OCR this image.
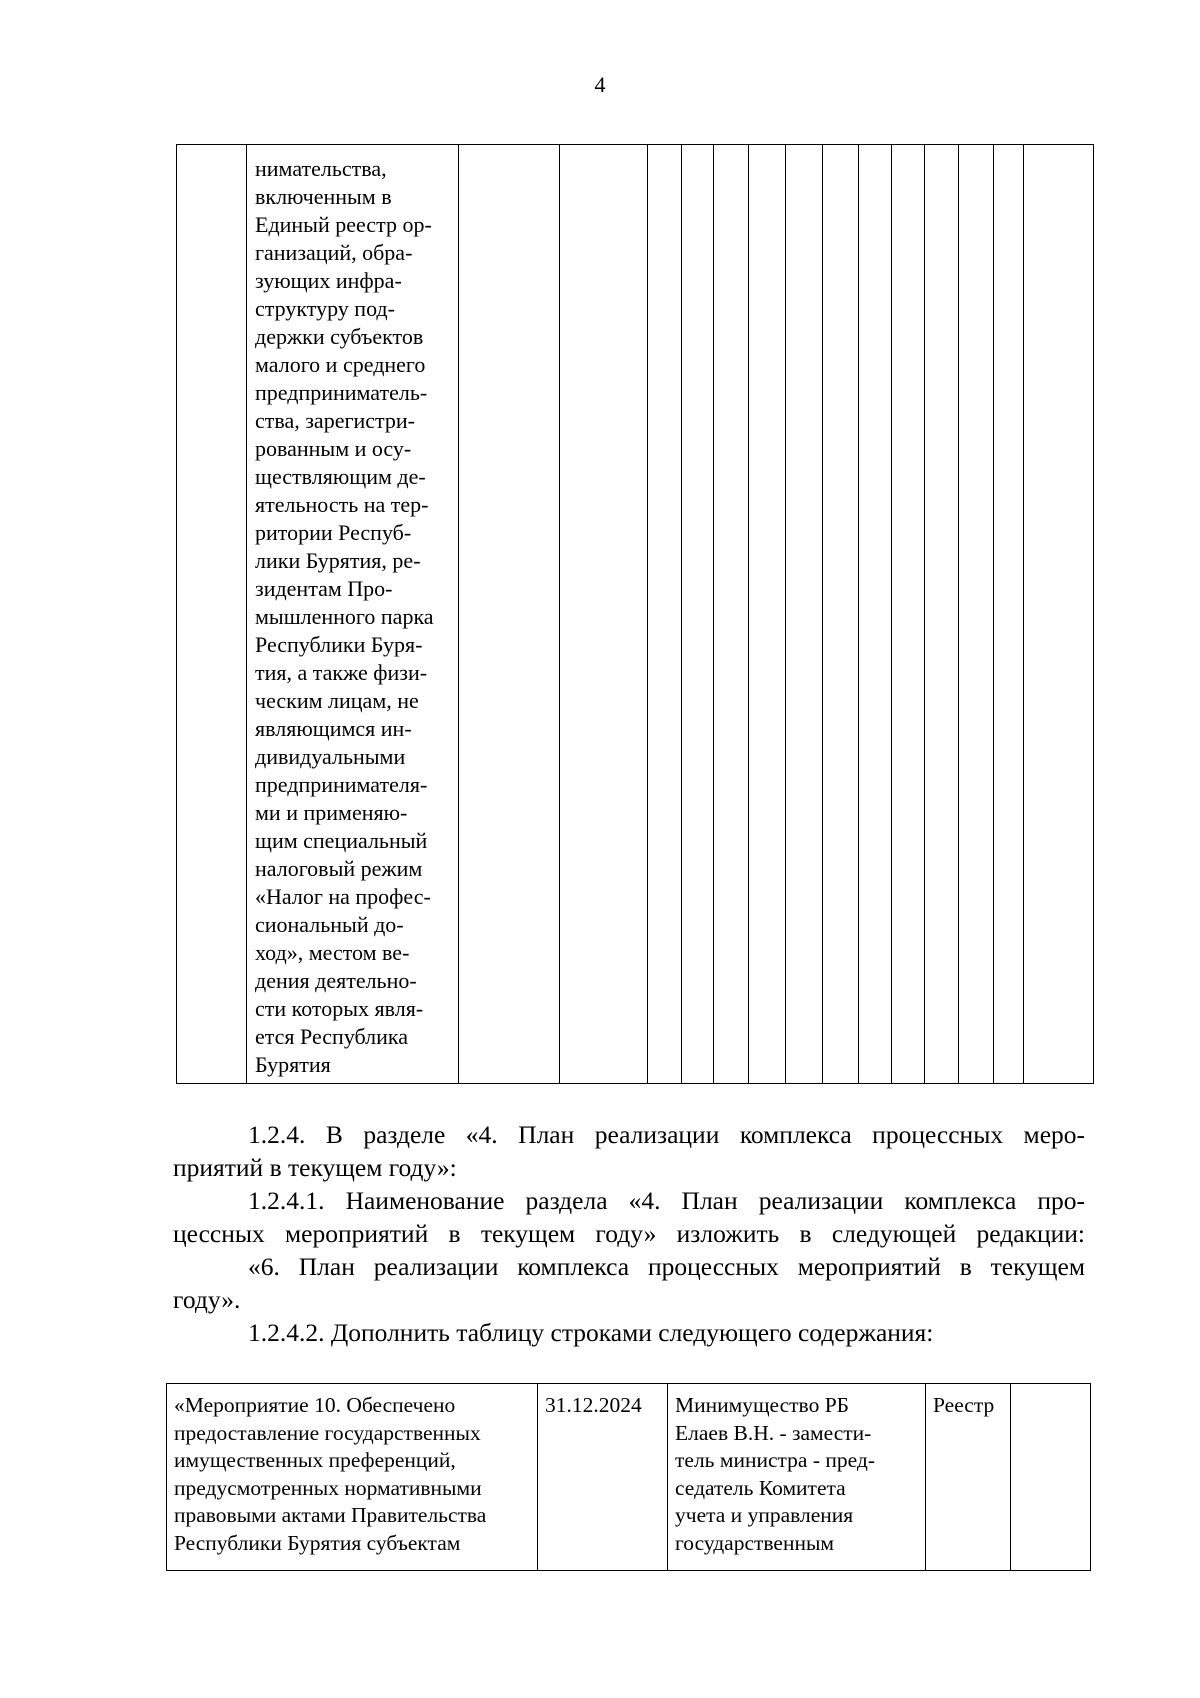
4

нимательства,
включенным в
Единый реестр ор-
ганизаций, обра-
зующих инфра-
структуру под-
держки субъектов
малого и среднего
предприниматель-
ства, зарегистри-
рованным и осу-
ществляющим де-
ятельность на тер-
ритории Респуб-
лики Бурятия, ре-
зидентам Про-
мышленного парка
Республики Буря-
тия, а также физи-
ческим лицам, не
являющимся ин-
дивидуальными
предпринимателя-
ми и применяю-
щим специальный
налоговый режим
«Налог на профес-
сиональный до-
ход», местом ве-
дения деятельно-
сти которых явля-
ется Республика
Бурятия

1.2.4. В разделе «4. План реализации комплекса процессных меро-
приятий в текущем году»:

1.2.4.1. Наименование раздела «4. План реализации комплекса про-
цессных мероприятий в текущем году» изложить в следующей редакции:

«6. План реализации комплекса процессных мероприятий в текущем
году».

1.2.4.2. Дополнить таблицу строками следующего содержания:

«Мероприятие 10. Обеспечено
предоставление государственных
имущественных преференций,
предусмотренных нормативными
правовыми актами Правительства
Республики Бурятия субъектам
	31.12.2024	Минимущество РБ
Елаев В.Н. - замести-
тель министра - пред-
седатель Комитета
учета и управления
государственным
	Реестр	
